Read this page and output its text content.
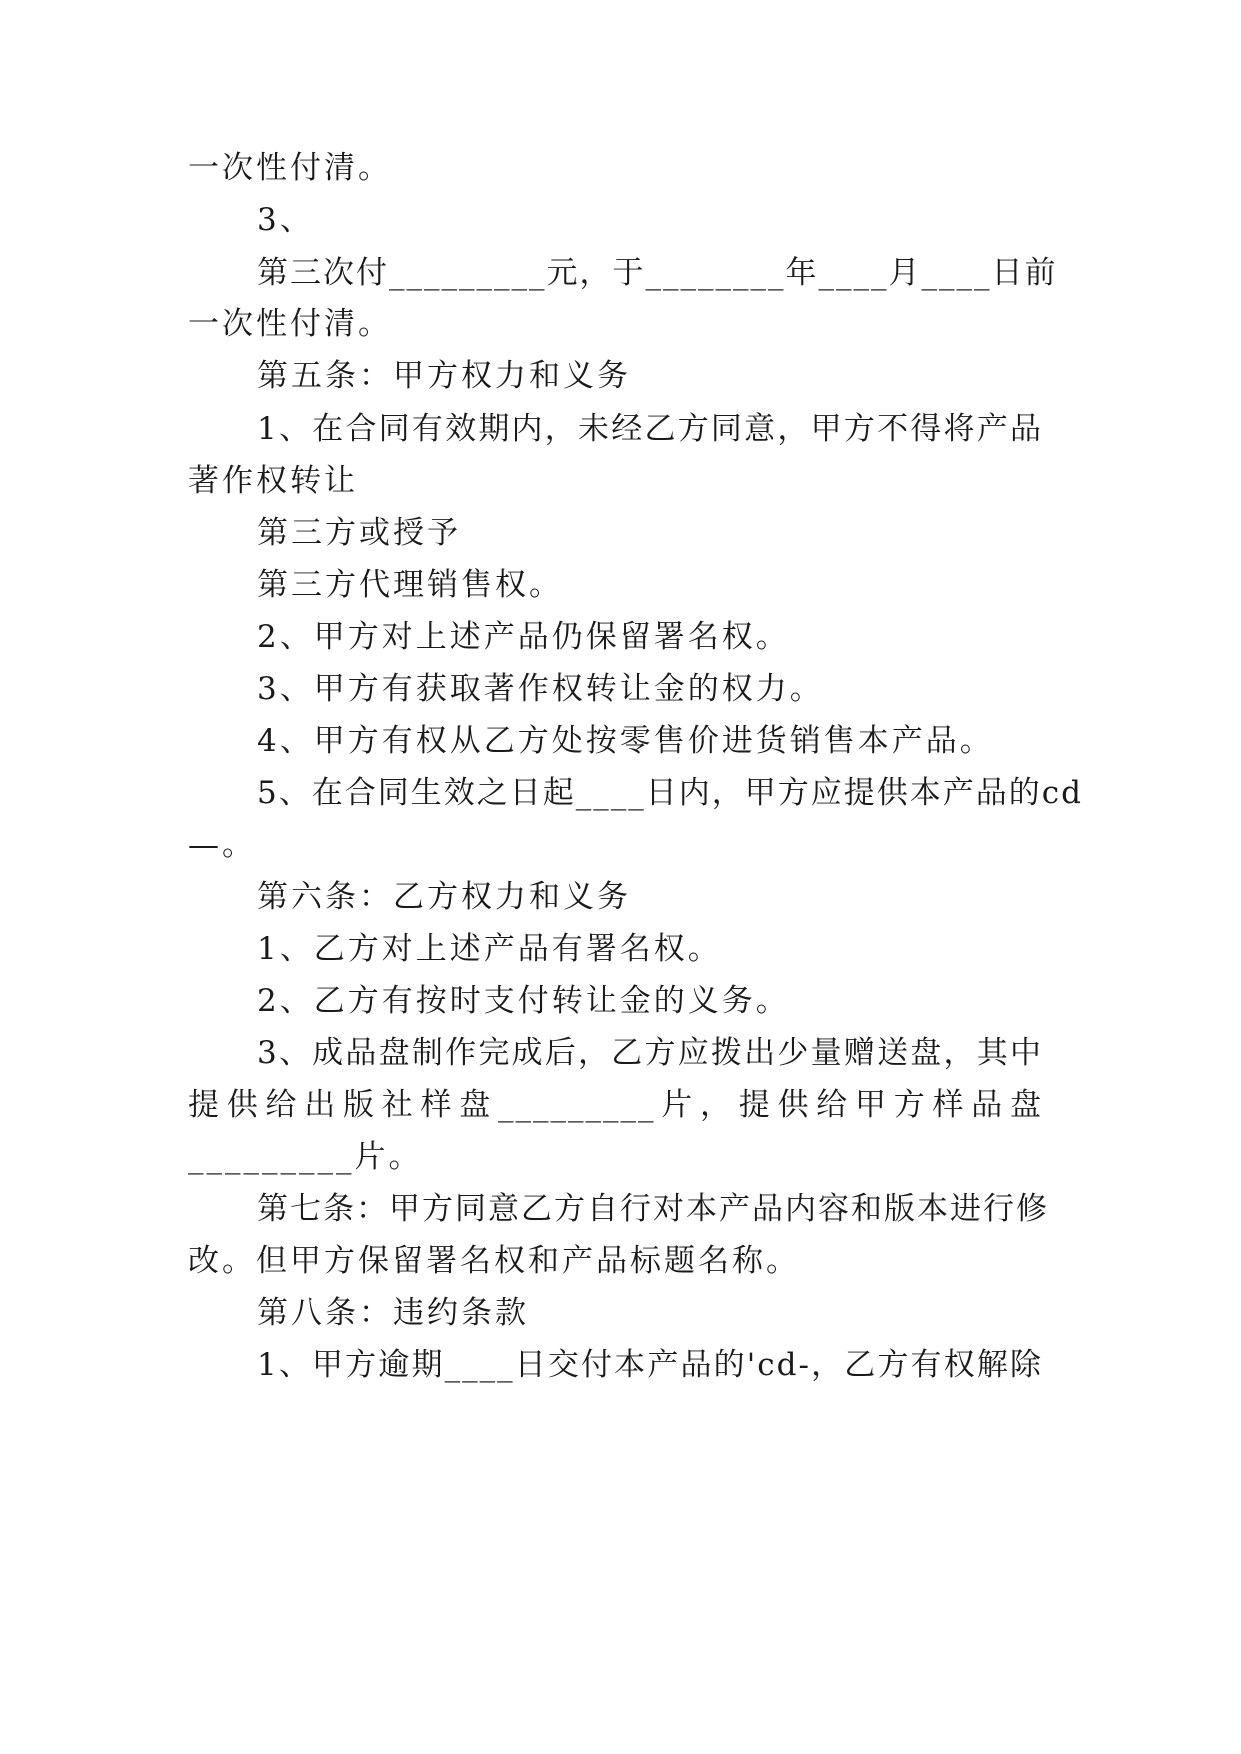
一次性付清。
3、
第三次付_________元，于________年____月____日前
一次性付清。
第五条：甲方权力和义务
1、在合同有效期内，未经乙方同意，甲方不得将产品
著作权转让
第三方或授予
第三方代理销售权。
2、甲方对上述产品仍保留署名权。
3、甲方有获取著作权转让金的权力。
4、甲方有权从乙方处按零售价进货销售本产品。
5、在合同生效之日起____日内，甲方应提供本产品的cd
—。
第六条：乙方权力和义务
1、乙方对上述产品有署名权。
2、乙方有按时支付转让金的义务。
3、成品盘制作完成后，乙方应拨出少量赠送盘，其中
提供给出版社样盘_________片，提供给甲方样品盘
_________片。
第七条：甲方同意乙方自行对本产品内容和版本进行修
改。但甲方保留署名权和产品标题名称。
第八条：违约条款
1、甲方逾期____日交付本产品的'cd-，乙方有权解除
